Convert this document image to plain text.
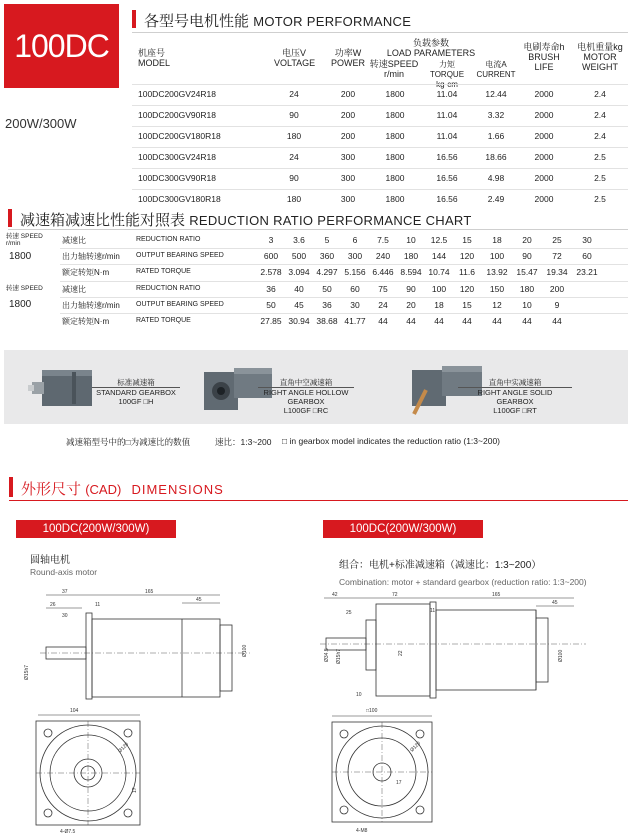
100DC
200W/300W
各型号电机性能 MOTOR PERFORMANCE
机座号
MODEL
电压V
VOLTAGE
功率W
POWER
负载参数
LOAD PARAMETERS
转速SPEED
r/min
力矩TORQUE
电流A
CURRENT
电刷寿命h
BRUSH
LIFE
电机重量kg
MOTOR
WEIGHT
100DC200GV24R18	24	200	1800	11.04	12.44	2000	2.4
100DC200GV90R18	90	200	1800	11.04	3.32	2000	2.4
100DC200GV180R18	180	200	1800	11.04	1.66	2000	2.4
100DC300GV24R18	24	300	1800	16.56	18.66	2000	2.5
100DC300GV90R18	90	300	1800	16.56	4.98	2000	2.5
100DC300GV180R18	180	300	1800	16.56	2.49	2000	2.5
减速箱减速比性能对照表 REDUCTION RATIO PERFORMANCE CHART
转速 SPEED
r/min
1800
转速 SPEED
1800
减速比	REDUCTION RATIO	3	3.6	5	6	7.5	10	12.5	15	18	20	25	30
出力轴转速r/min OUTPUT BEARING SPEED	600	500	360	300	240	180	144	120	100	90	72	60
额定转矩N·m	RATED TORQUE	2.578 3.094 4.297 5.156 6.446 8.594 10.74	11.6	13.92	15.47	19.34	23.21
减速比	REDUCTION RATIO	36	40	50	60	75	90	100	120	150	180	200
出力轴转速r/min OUTPUT BEARING SPEED	50	45	36	30	24	20	18	15	12	10	9
额定转矩N·m	RATED TORQUE	27.85 30.94 38.68 41.77	44	44	44	44	44	44	44
标准减速箱
STANDARD GEARBOX
100GF □H
直角中空减速箱
RIGHT ANGLE HOLLOW GEARBOX
L100GF □RC
直角中实减速箱
RIGHT ANGLE SOLID GEARBOX
L100GF □RT
减速箱型号中的□为减速比的数值	速比：1:3~200 □ in gearbox model indicates the reduction ratio (1:3~200)
外形尺寸 (CAD) DIMENSIONS
100DC(200W/300W)	100DC(200W/300W)
圆轴电机
Round-axis motor
组合：电机+标准减速箱（减速比：1:3~200）
Combination: motor + standard gearbox (reduction ratio: 1:3~200)
37	165
45
26	11
30
Ø15h7
Ø100
104
Ø120
17
4-Ø7.5
42	72	165
45
25	11
Ø34.5 Ø15h7	22
10
Ø100
□100
Ø120
17
4-M8
